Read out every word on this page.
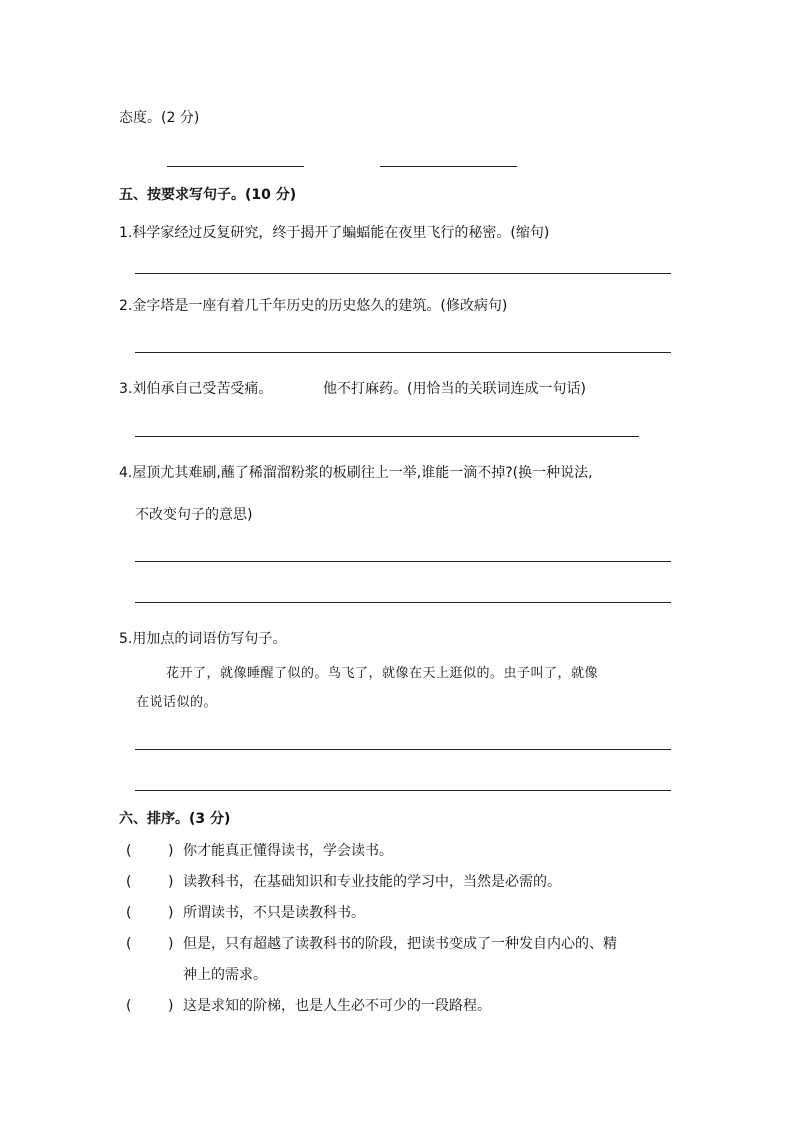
态度。(2 分)
五、按要求写句子。(10 分)
1.科学家经过反复研究，终于揭开了蝙蝠能在夜里飞行的秘密。(缩句)
2.金字塔是一座有着几千年历史的历史悠久的建筑。(修改病句)
3.刘伯承自己受苦受痛。	他不打麻药。(用恰当的关联词连成一句话)
4.屋顶尤其难刷,蘸了稀溜溜粉浆的板刷往上一举,谁能一滴不掉?(换一种说法,
不改变句子的意思)
5.用加点的词语仿写句子。
花开了，就像睡醒了似的。鸟飞了，就像在天上逛似的。虫子叫了，就像
在说话似的。
六、排序。(3 分)
(	) 你才能真正懂得读书，学会读书。
(	) 读教科书，在基础知识和专业技能的学习中，当然是必需的。
(	) 所谓读书，不只是读教科书。
(	) 但是，只有超越了读教科书的阶段，把读书变成了一种发自内心的、精
神上的需求。
(	) 这是求知的阶梯，也是人生必不可少的一段路程。
